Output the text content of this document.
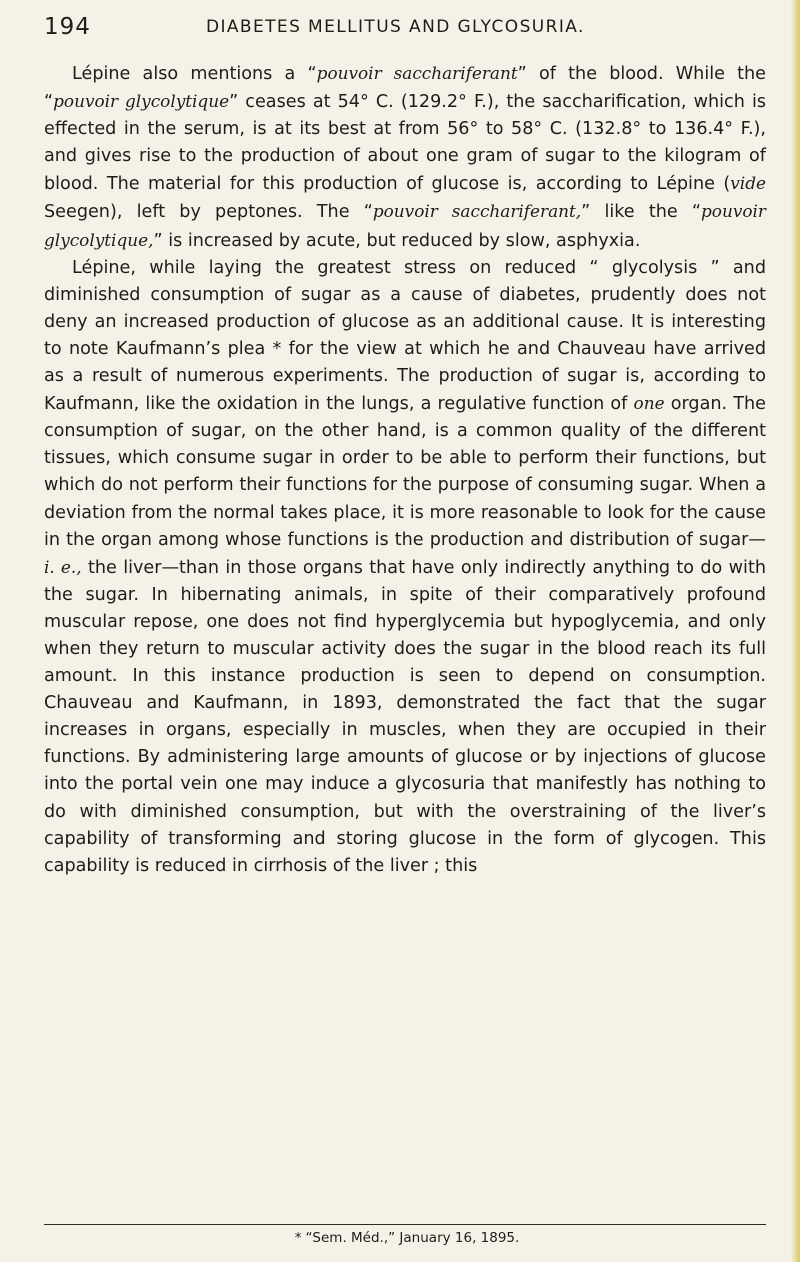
194	DIABETES MELLITUS AND GLYCOSURIA.

Lépine also mentions a “pouvoir sacchariferant” of the blood. While the “pouvoir glycolytique” ceases at 54° C. (129.2° F.), the saccharification, which is effected in the serum, is at its best at from 56° to 58° C. (132.8° to 136.4° F.), and gives rise to the production of about one gram of sugar to the kilogram of blood. The material for this production of glucose is, according to Lépine (vide Seegen), left by peptones. The “pouvoir sacchariferant,” like the “pouvoir glycolytique,” is increased by acute, but reduced by slow, asphyxia.

Lépine, while laying the greatest stress on reduced “ glycolysis ” and diminished consumption of sugar as a cause of diabetes, prudently does not deny an increased production of glucose as an additional cause. It is interesting to note Kaufmann’s plea * for the view at which he and Chauveau have arrived as a result of numerous experiments. The production of sugar is, according to Kaufmann, like the oxidation in the lungs, a regulative function of one organ. The consumption of sugar, on the other hand, is a common quality of the different tissues, which consume sugar in order to be able to perform their functions, but which do not perform their functions for the purpose of consuming sugar. When a deviation from the normal takes place, it is more reasonable to look for the cause in the organ among whose functions is the production and distribution of sugar—i. e., the liver—than in those organs that have only indirectly anything to do with the sugar. In hibernating animals, in spite of their comparatively profound muscular repose, one does not find hyperglycemia but hypoglycemia, and only when they return to muscular activity does the sugar in the blood reach its full amount. In this instance production is seen to depend on consumption. Chauveau and Kaufmann, in 1893, demonstrated the fact that the sugar increases in organs, especially in muscles, when they are occupied in their functions. By administering large amounts of glucose or by injections of glucose into the portal vein one may induce a glycosuria that manifestly has nothing to do with diminished consumption, but with the overstraining of the liver’s capability of transforming and storing glucose in the form of glycogen. This capability is reduced in cirrhosis of the liver ; this

* “Sem. Méd.,” January 16, 1895.
